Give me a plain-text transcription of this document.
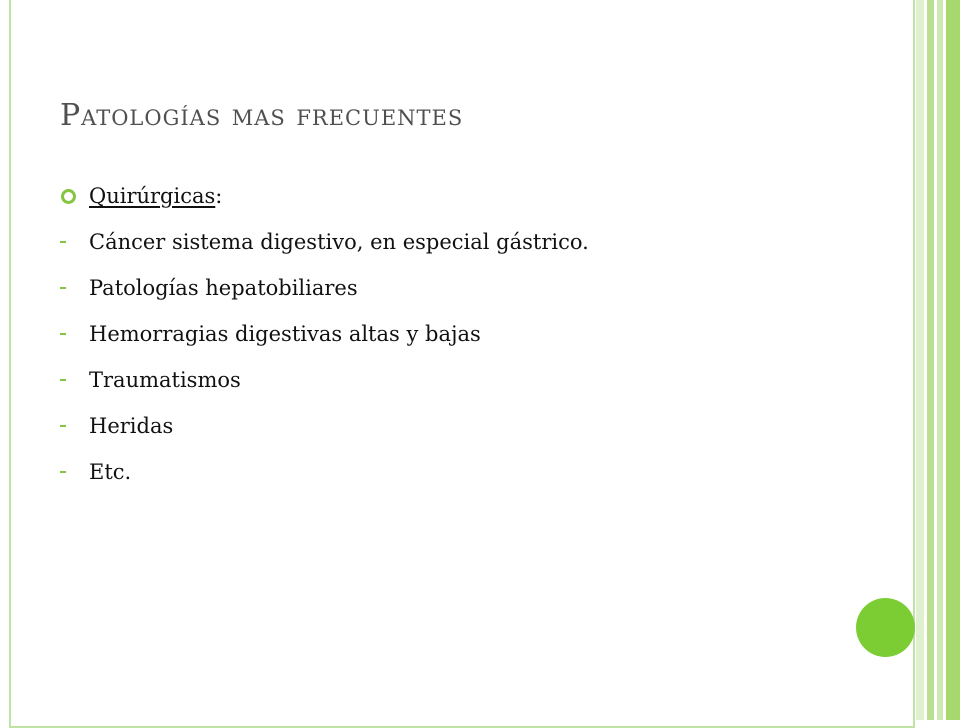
Patologías mas frecuentes
Quirúrgicas:
Cáncer sistema digestivo, en especial gástrico.
Patologías hepatobiliares
Hemorragias digestivas altas y bajas
Traumatismos
Heridas
Etc.
